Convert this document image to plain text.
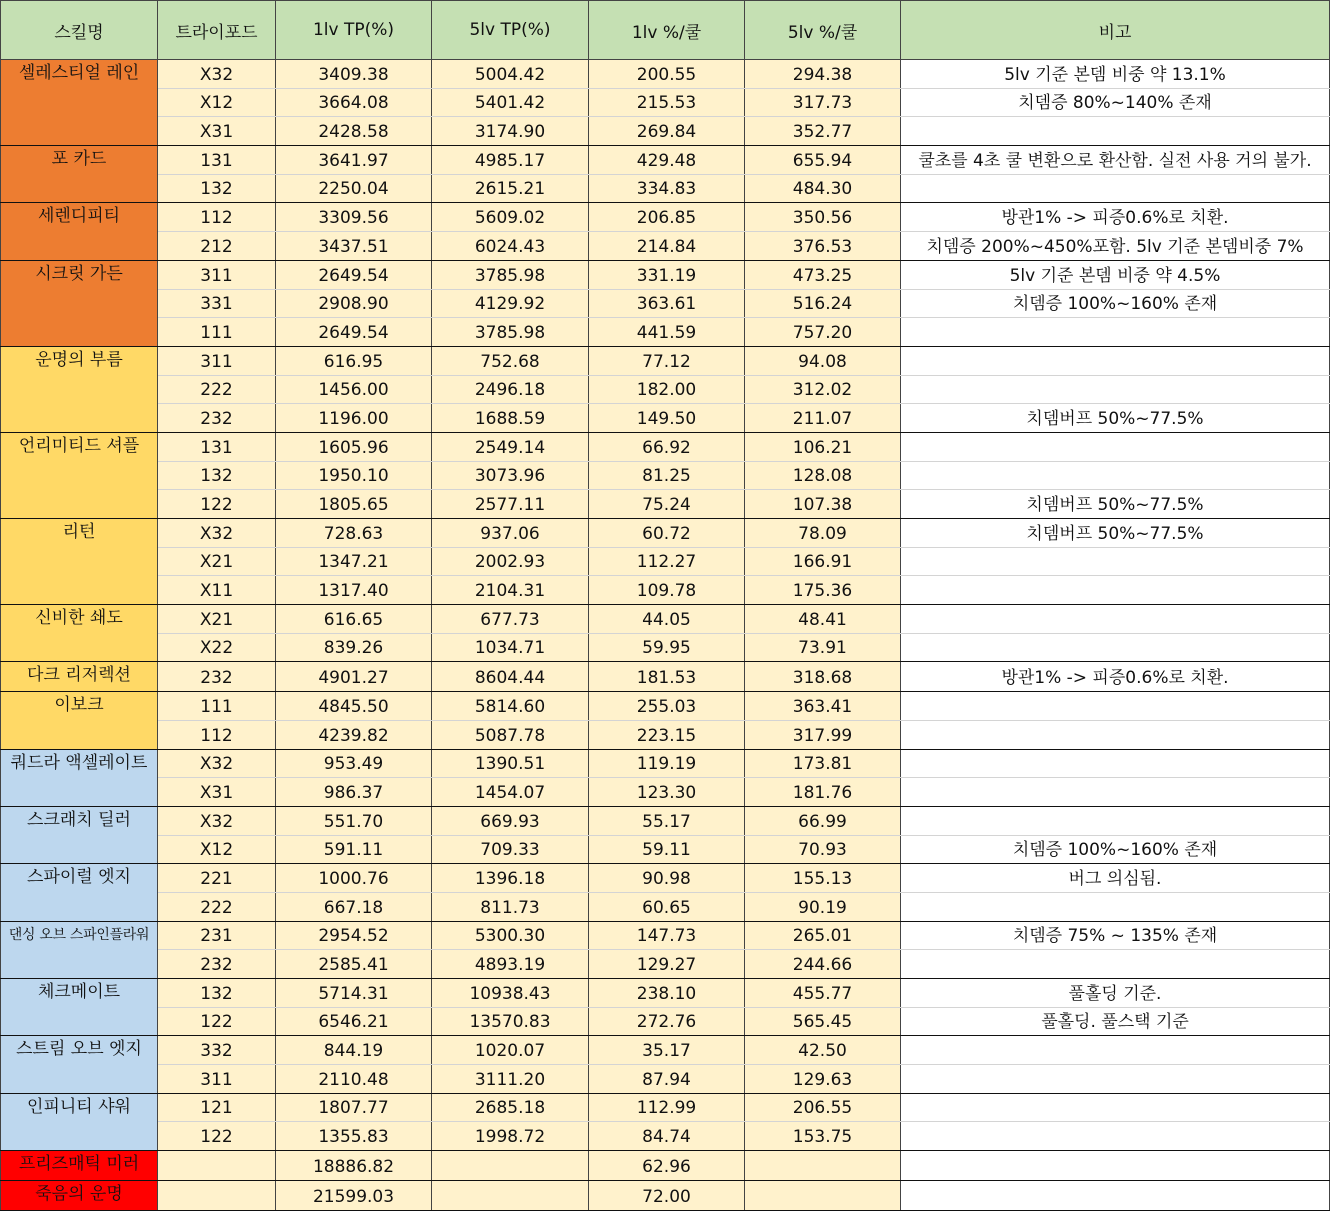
스킬명	트라이포드	1lv TP(%)	5lv TP(%)	1lv %/쿨	5lv %/쿨	비고
셀레스티얼 레인	X32	3409.38	5004.42	200.55	294.38	5lv 기준 본뎀 비중 약 13.1%
	X12	3664.08	5401.42	215.53	317.73	치뎀증 80%~140% 존재
	X31	2428.58	3174.90	269.84	352.77	
포 카드	131	3641.97	4985.17	429.48	655.94	쿨초를 4초 쿨 변환으로 환산함. 실전 사용 거의 불가.
	132	2250.04	2615.21	334.83	484.30	
세렌디피티	112	3309.56	5609.02	206.85	350.56	방관1% -> 피증0.6%로 치환.
	212	3437.51	6024.43	214.84	376.53	치뎀증 200%~450%포함. 5lv 기준 본뎀비중 7%
시크릿 가든	311	2649.54	3785.98	331.19	473.25	5lv 기준 본뎀 비중 약 4.5%
	331	2908.90	4129.92	363.61	516.24	치뎀증 100%~160% 존재
	111	2649.54	3785.98	441.59	757.20	
운명의 부름	311	616.95	752.68	77.12	94.08	
	222	1456.00	2496.18	182.00	312.02	
	232	1196.00	1688.59	149.50	211.07	치뎀버프 50%~77.5%
언리미티드 셔플	131	1605.96	2549.14	66.92	106.21	
	132	1950.10	3073.96	81.25	128.08	
	122	1805.65	2577.11	75.24	107.38	치뎀버프 50%~77.5%
리턴	X32	728.63	937.06	60.72	78.09	치뎀버프 50%~77.5%
	X21	1347.21	2002.93	112.27	166.91	
	X11	1317.40	2104.31	109.78	175.36	
신비한 쇄도	X21	616.65	677.73	44.05	48.41	
	X22	839.26	1034.71	59.95	73.91	
다크 리저렉션	232	4901.27	8604.44	181.53	318.68	방관1% -> 피증0.6%로 치환.
이보크	111	4845.50	5814.60	255.03	363.41	
	112	4239.82	5087.78	223.15	317.99	
쿼드라 액셀레이트	X32	953.49	1390.51	119.19	173.81	
	X31	986.37	1454.07	123.30	181.76	
스크래치 딜러	X32	551.70	669.93	55.17	66.99	
	X12	591.11	709.33	59.11	70.93	치뎀증 100%~160% 존재
스파이럴 엣지	221	1000.76	1396.18	90.98	155.13	버그 의심됨.
	222	667.18	811.73	60.65	90.19	
댄싱 오브 스파인플라워	231	2954.52	5300.30	147.73	265.01	치뎀증 75% ~ 135% 존재
	232	2585.41	4893.19	129.27	244.66	
체크메이트	132	5714.31	10938.43	238.10	455.77	풀홀딩 기준.
	122	6546.21	13570.83	272.76	565.45	풀홀딩. 풀스택 기준
스트림 오브 엣지	332	844.19	1020.07	35.17	42.50	
	311	2110.48	3111.20	87.94	129.63	
인피니티 샤워	121	1807.77	2685.18	112.99	206.55	
	122	1355.83	1998.72	84.74	153.75	
프리즈매틱 미러		18886.82		62.96		
죽음의 운명		21599.03		72.00		
